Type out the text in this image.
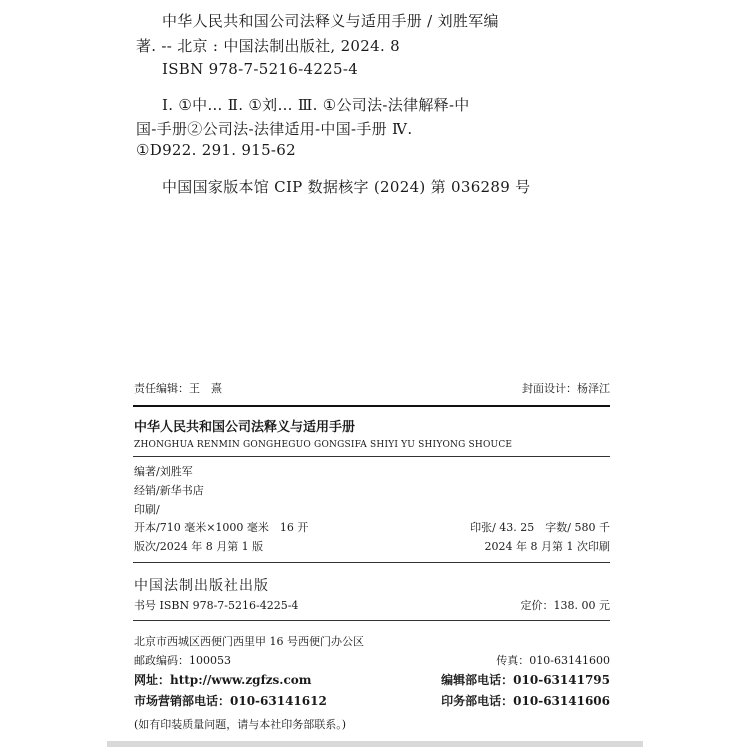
中华人民共和国公司法释义与适用手册 / 刘胜军编
著. -- 北京 : 中国法制出版社, 2024. 8
ISBN 978-7-5216-4225-4
Ⅰ. ①中… Ⅱ. ①刘… Ⅲ. ①公司法-法律解释-中
国-手册②公司法-法律适用-中国-手册 Ⅳ.
①D922. 291. 915-62
中国国家版本馆 CIP 数据核字 (2024) 第 036289 号
责任编辑：王　熹	封面设计：杨泽江
中华人民共和国公司法释义与适用手册
ZHONGHUA RENMIN GONGHEGUO GONGSIFA SHIYI YU SHIYONG SHOUCE
编著/刘胜军
经销/新华书店
印刷/
开本/710 毫米×1000 毫米　16 开	印张/ 43. 25　字数/ 580 千
版次/2024 年 8 月第 1 版	2024 年 8 月第 1 次印刷
中国法制出版社出版
书号 ISBN 978-7-5216-4225-4	定价：138. 00 元
北京市西城区西便门西里甲 16 号西便门办公区
邮政编码：100053	传真：010-63141600
网址：http://www.zgfzs.com	编辑部电话：010-63141795
市场营销部电话：010-63141612	印务部电话：010-63141606
(如有印装质量问题，请与本社印务部联系。)
